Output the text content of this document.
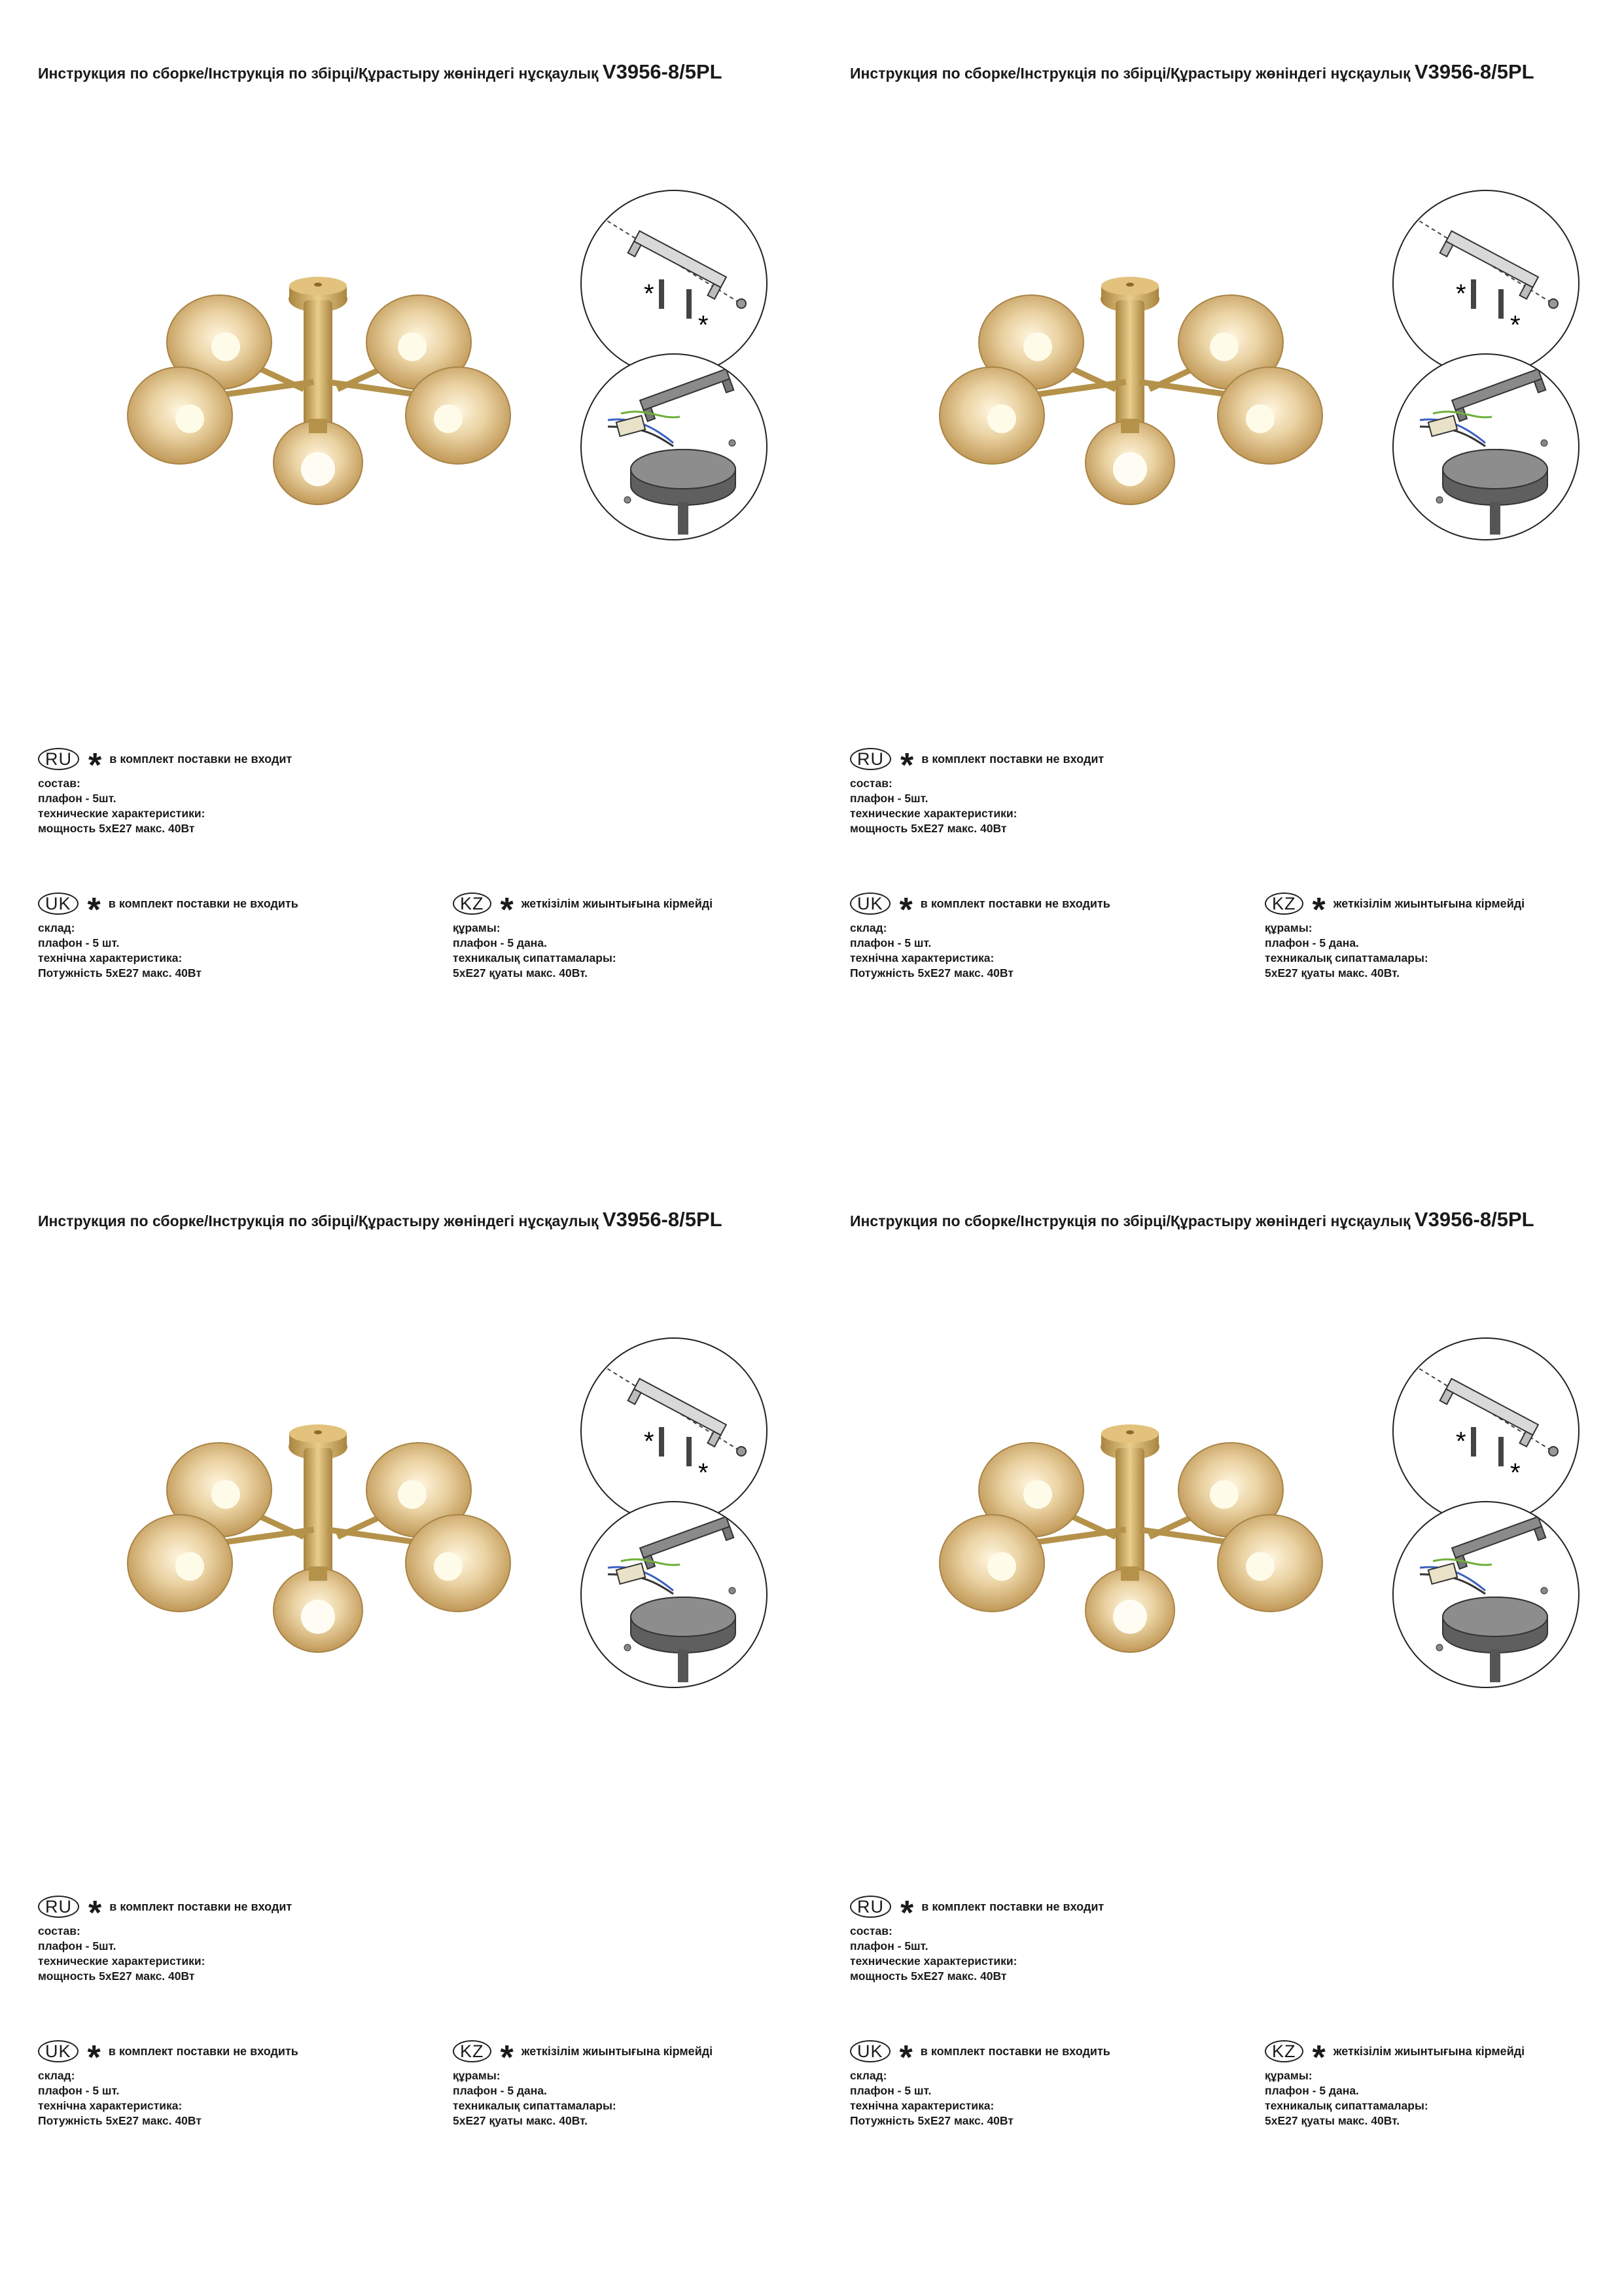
Инструкция по сборке/Інструкція по збірці/Құрастыру жөніндегі нұсқаулық V3956-8/5PL
*
*
RU * в комплект поставки не входит
состав:
плафон - 5шт.
технические характеристики:
мощность 5xE27 макс. 40Вт
UK * в комплект поставки не входить
склад:
плафон - 5 шт.
технічна характеристика:
Потужність 5xE27 макс. 40Вт
KZ * жеткізілім жиынтығына кірмейді
құрамы:
плафон - 5 дана.
техникалық сипаттамалары:
5xE27 қуаты макс. 40Вт.
Инструкция по сборке/Інструкція по збірці/Құрастыру жөніндегі нұсқаулық V3956-8/5PL
*
*
RU * в комплект поставки не входит
состав:
плафон - 5шт.
технические характеристики:
мощность 5xE27 макс. 40Вт
UK * в комплект поставки не входить
склад:
плафон - 5 шт.
технічна характеристика:
Потужність 5xE27 макс. 40Вт
KZ * жеткізілім жиынтығына кірмейді
құрамы:
плафон - 5 дана.
техникалық сипаттамалары:
5xE27 қуаты макс. 40Вт.
Инструкция по сборке/Інструкція по збірці/Құрастыру жөніндегі нұсқаулық V3956-8/5PL
*
*
RU * в комплект поставки не входит
состав:
плафон - 5шт.
технические характеристики:
мощность 5xE27 макс. 40Вт
UK * в комплект поставки не входить
склад:
плафон - 5 шт.
технічна характеристика:
Потужність 5xE27 макс. 40Вт
KZ * жеткізілім жиынтығына кірмейді
құрамы:
плафон - 5 дана.
техникалық сипаттамалары:
5xE27 қуаты макс. 40Вт.
Инструкция по сборке/Інструкція по збірці/Құрастыру жөніндегі нұсқаулық V3956-8/5PL
*
*
RU * в комплект поставки не входит
состав:
плафон - 5шт.
технические характеристики:
мощность 5xE27 макс. 40Вт
UK * в комплект поставки не входить
склад:
плафон - 5 шт.
технічна характеристика:
Потужність 5xE27 макс. 40Вт
KZ * жеткізілім жиынтығына кірмейді
құрамы:
плафон - 5 дана.
техникалық сипаттамалары:
5xE27 қуаты макс. 40Вт.
